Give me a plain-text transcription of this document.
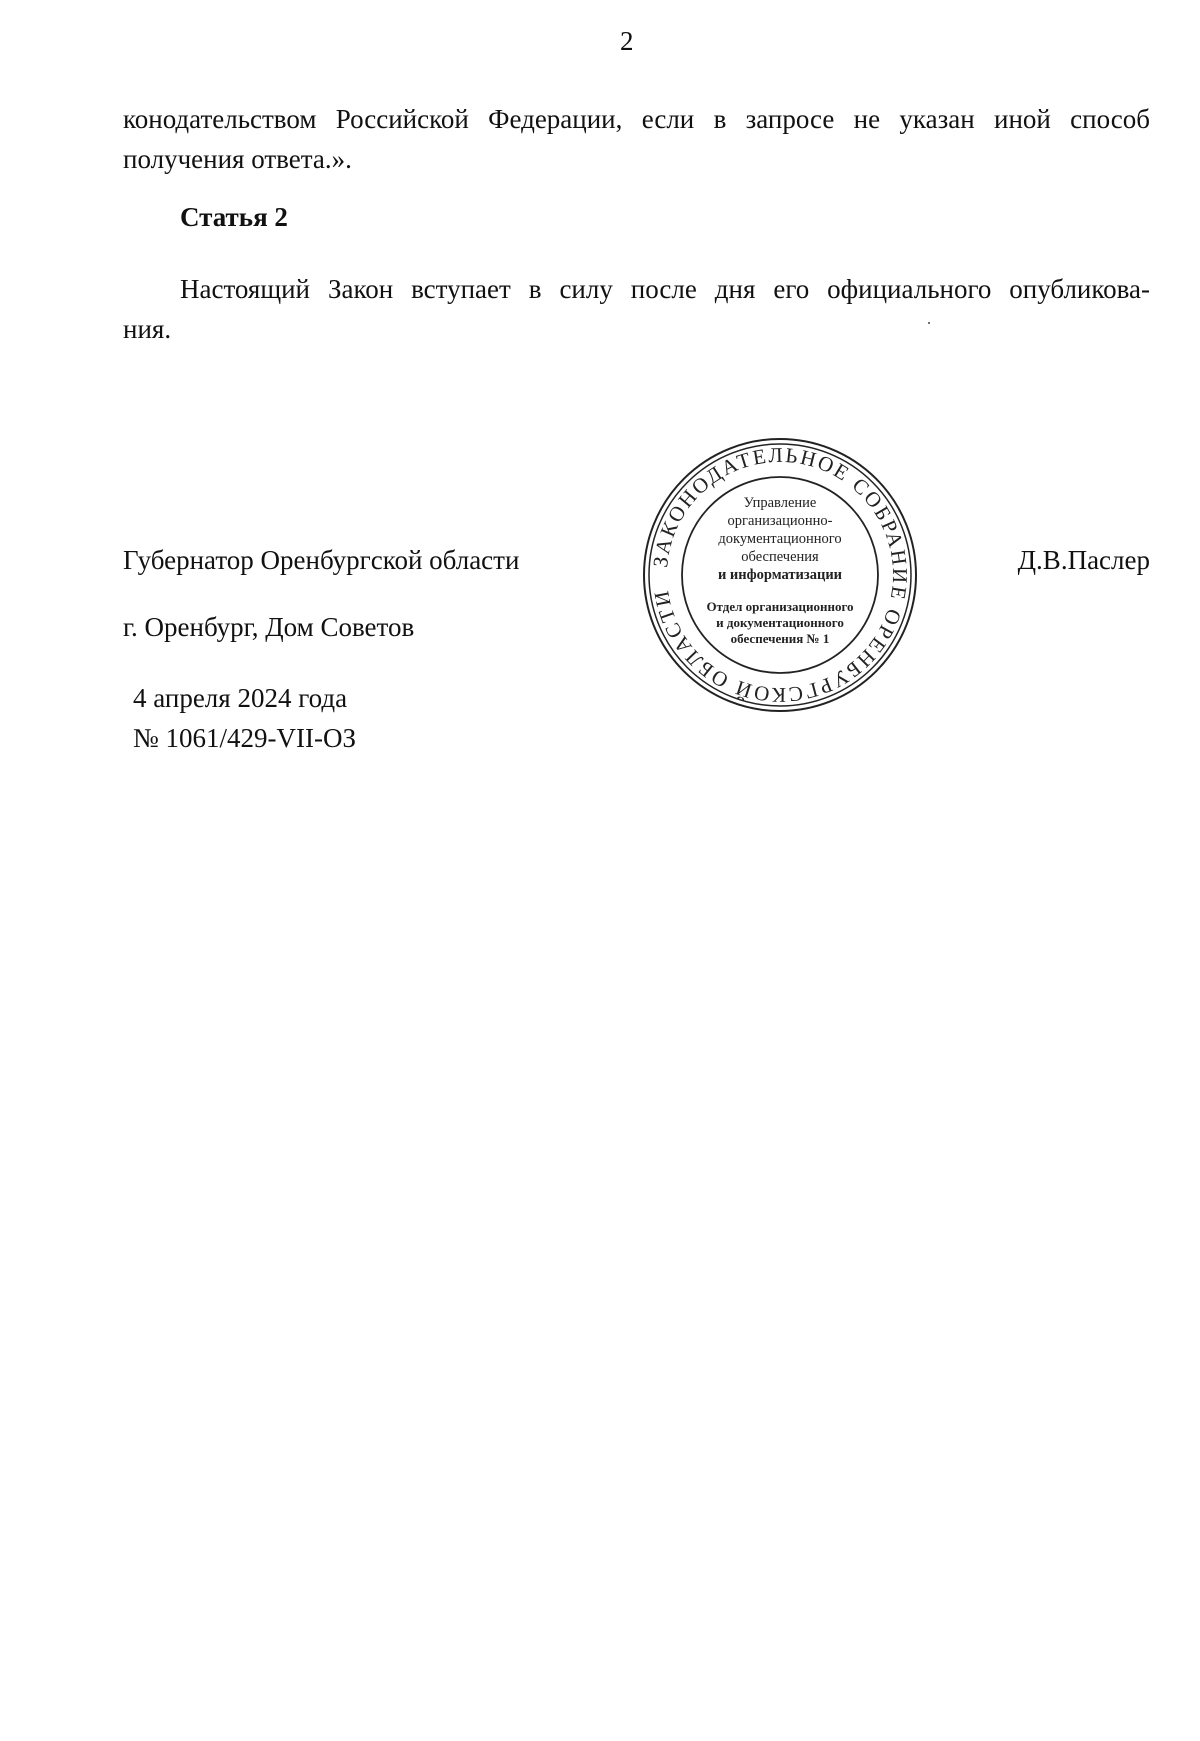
2
конодательством Российской Федерации, если в запросе не указан иной способ
получения ответа.».
Статья 2
Настоящий Закон вступает в силу после дня его официального опубликова-
ния.
Губернатор Оренбургской области	Д.В.Паслер
г. Оренбург, Дом Советов
4 апреля 2024 года
№ 1061/429-VII-ОЗ
ЗАКОНОДАТЕЛЬНОЕ СОБРАНИЕ ОРЕНБУРГСКОЙ ОБЛАСТИ
Управление
организационно-
документационного
обеспечения
и информатизации
Отдел организационного
и документационного
обеспечения № 1
